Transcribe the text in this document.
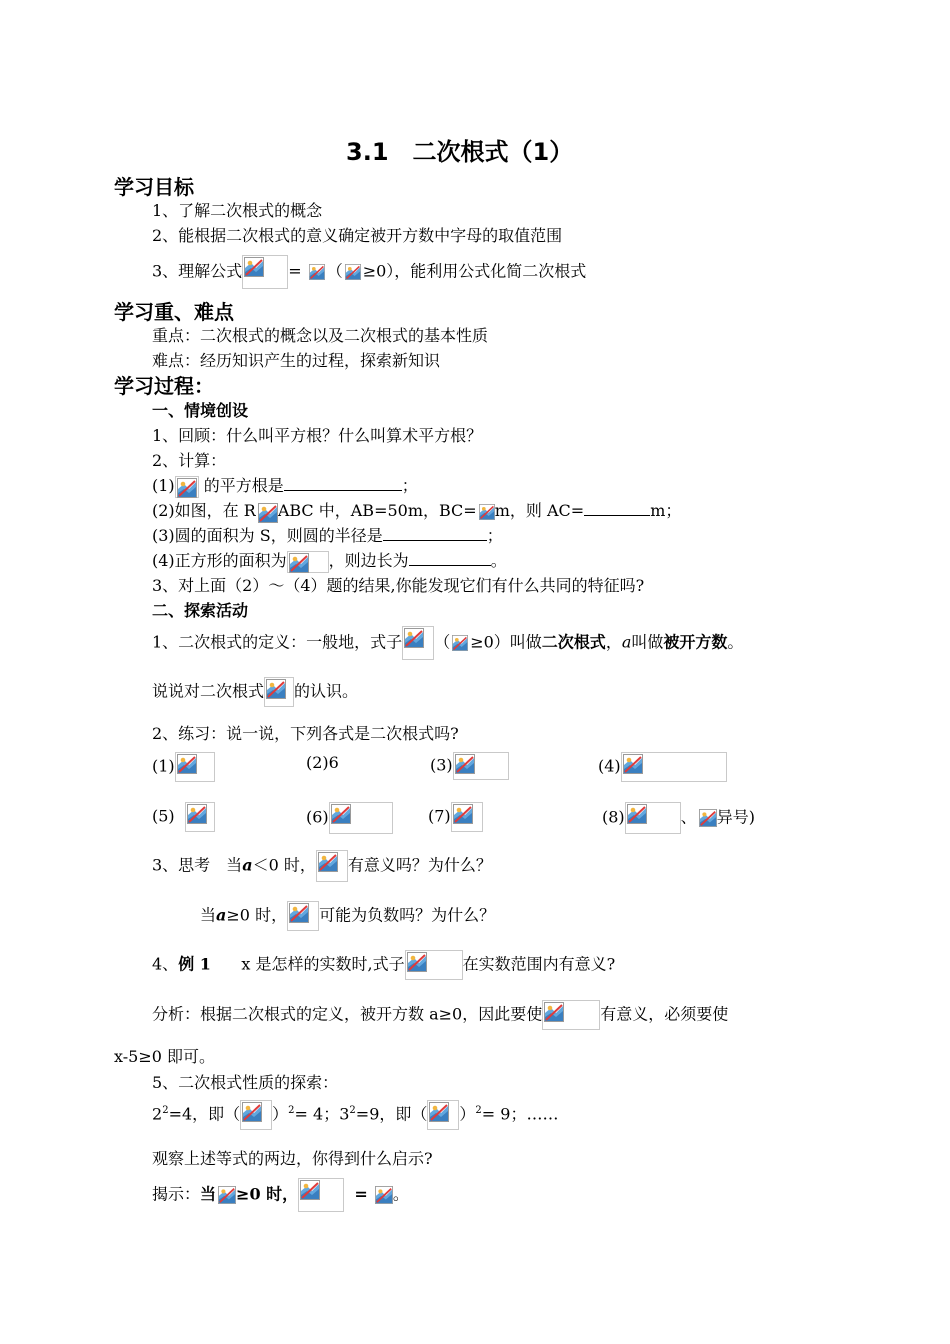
3.1　二次根式（1）
学习目标
1、了解二次根式的概念
2、能根据二次根式的意义确定被开方数中字母的取值范围
3、理解公式	= （ ≥0），能利用公式化简二次根式
学习重、难点
重点：二次根式的概念以及二次根式的基本性质
难点：经历知识产生的过程，探索新知识
学习过程：
一、情境创设
1、回顾：什么叫平方根？什么叫算术平方根？
2、计算：
(1)
的平方根是	；
(2)如图，在 R ABC 中，AB=50m，BC= m，则 AC=	m；
(3)圆的面积为 S，则圆的半径是	；
(4)正方形的面积为	，则边长为	。
3、对上面（2）～（4）题的结果,你能发现它们有什么共同的特征吗?
二、探索活动
1、二次根式的定义：一般地，式子 （ ≥0）叫做二次根式，a叫做被开方数。
说说对二次根式 的认识。
2、练习：说一说，下列各式是二次根式吗?
(1)	(2)6	(3)	(4)
(5)	(6)	(7)	(8)	、 异号)
3、思考　当a＜0 时， 有意义吗？为什么？
当a≥0 时， 可能为负数吗？为什么？
4、例 1 x 是怎样的实数时,式子	在实数范围内有意义?
分析：根据二次根式的定义，被开方数 a≥0，因此要使	有意义，必须要使
x-5≥0 即可。
5、二次根式性质的探索：
$2^2=4$，即（ ）$^2$= 4；$3^2=9$，即（ ）$^2$= 9；……
观察上述等式的两边，你得到什么启示?
揭示：当 ≥0 时，	= 。
